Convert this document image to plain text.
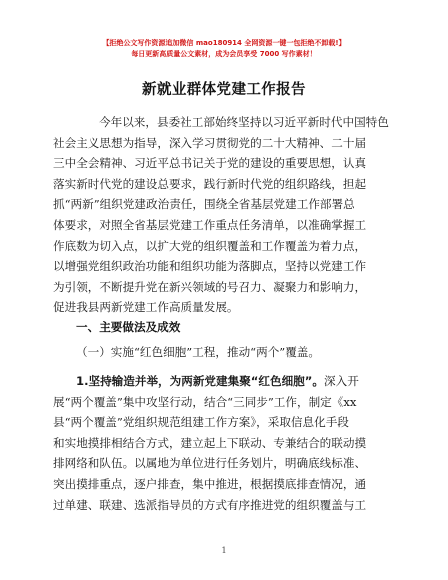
【拒绝公文写作资源追加微信 mao180914 全网资源一键一包拒绝不卸载!】
每日更新高质量公文素材，成为会员享受 7000 写作素材！
新就业群体党建工作报告
今年以来，县委社工部始终坚持以习近平新时代中国特色
社会主义思想为指导，深入学习贯彻党的二十大精神、二十届
三中全会精神、习近平总书记关于党的建设的重要思想，认真
落实新时代党的建设总要求，践行新时代党的组织路线，担起
抓“两新”组织党建政治责任，围绕全省基层党建工作部署总
体要求，对照全省基层党建工作重点任务清单，以准确掌握工
作底数为切入点，以扩大党的组织覆盖和工作覆盖为着力点，
以增强党组织政治功能和组织功能为落脚点，坚持以党建工作
为引领，不断提升党在新兴领域的号召力、凝聚力和影响力，
促进我县两新党建工作高质量发展。
一、主要做法及成效
（一）实施“红色细胞”工程，推动“两个”覆盖。
1.坚持输造并举，为两新党建集聚“红色细胞”。深入开
展“两个覆盖”集中攻坚行动，结合“三同步”工作，制定《xx
县“两个覆盖”党组织规范组建工作方案》，采取信息化手段
和实地摸排相结合方式，建立起上下联动、专兼结合的联动摸
排网络和队伍。以属地为单位进行任务划片，明确底线标准、
突出摸排重点，逐户排查，集中推进，根据摸底排查情况，通
过单建、联建、选派指导员的方式有序推进党的组织覆盖与工
1
